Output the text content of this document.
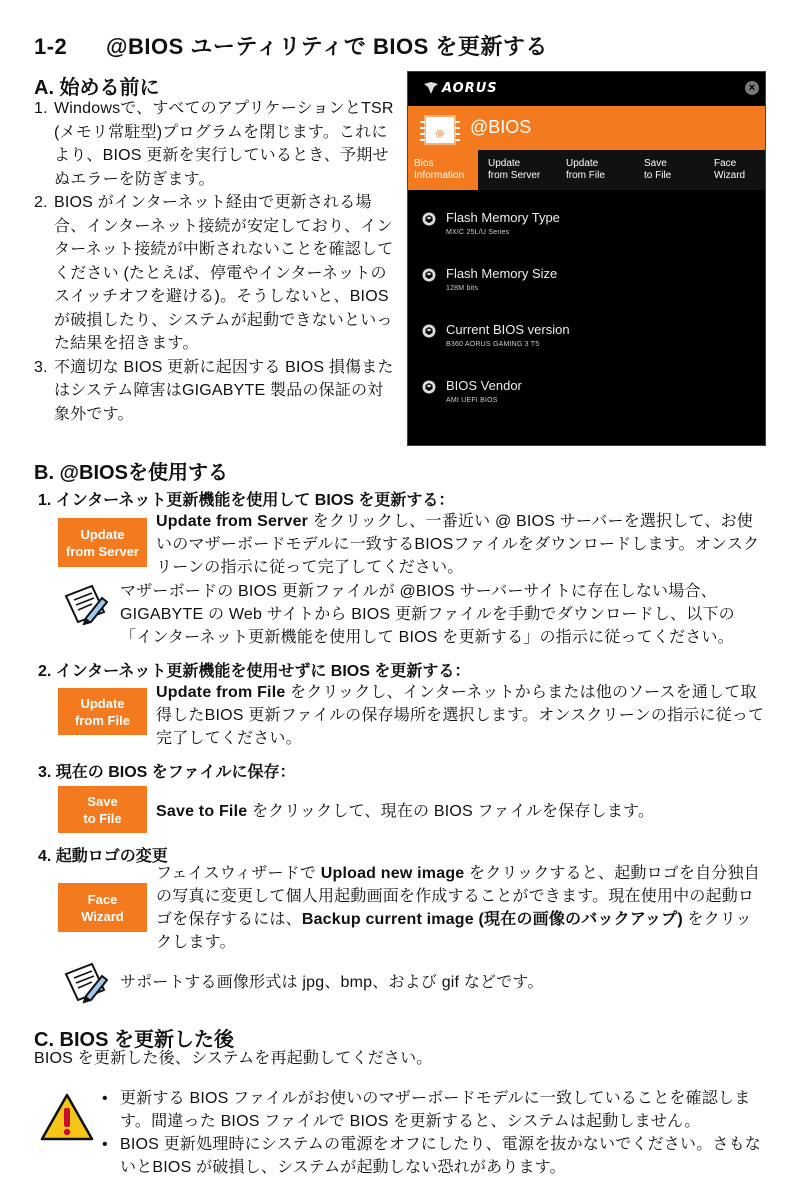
1-2 @BIOS ユーティリティで BIOS を更新する
A. 始める前に
1. Windowsで、すべてのアプリケーションとTSR (メモリ常駐型)プログラムを閉じます。これにより、BIOS 更新を実行しているとき、予期せぬエラーを防ぎます。
2. BIOS がインターネット経由で更新される場合、インターネット接続が安定しており、インターネット接続が中断されないことを確認してください (たとえば、停電やインターネットのスイッチオフを避ける)。そうしないと、BIOS が破損したり、システムが起動できないといった結果を招きます。
3. 不適切な BIOS 更新に起因する BIOS 損傷またはシステム障害はGIGABYTE 製品の保証の対象外です。
AORUS	×
@ @BIOS
Bios
Information
Update
from Server
Update
from File
Save
to File
Face
Wizard
Flash Memory Type
MXIC 25L/U Series
Flash Memory Size
128M bits
Current BIOS version
B360 AORUS GAMING 3 T5
BIOS Vendor
AMI UEFI BIOS
B. @BIOSを使用する
1. インターネット更新機能を使用して BIOS を更新する：
Update
from Server
Update from Server をクリックし、一番近い @ BIOS サーバーを選択して、お使いのマザーボードモデルに一致するBIOSファイルをダウンロードします。オンスクリーンの指示に従って完了してください。
マザーボードの BIOS 更新ファイルが @BIOS サーバーサイトに存在しない場合、GIGABYTE の Web サイトから BIOS 更新ファイルを手動でダウンロードし、以下の「インターネット更新機能を使用して BIOS を更新する」の指示に従ってください。
2. インターネット更新機能を使用せずに BIOS を更新する：
Update
from File
Update from File をクリックし、インターネットからまたは他のソースを通して取得したBIOS 更新ファイルの保存場所を選択します。オンスクリーンの指示に従って完了してください。
3. 現在の BIOS をファイルに保存：
Save
to File Save to File をクリックして、現在の BIOS ファイルを保存します。
4. 起動ロゴの変更
Face
Wizard
フェイスウィザードで Upload new image をクリックすると、起動ロゴを自分独自の写真に変更して個人用起動画面を作成することができます。現在使用中の起動ロゴを保存するには、Backup current image (現在の画像のバックアップ) をクリックします。
サポートする画像形式は jpg、bmp、および gif などです。
C. BIOS を更新した後
BIOS を更新した後、システムを再起動してください。
• 更新する BIOS ファイルがお使いのマザーボードモデルに一致していることを確認します。間違った BIOS ファイルで BIOS を更新すると、システムは起動しません。
• BIOS 更新処理時にシステムの電源をオフにしたり、電源を抜かないでください。さもないとBIOS が破損し、システムが起動しない恐れがあります。
